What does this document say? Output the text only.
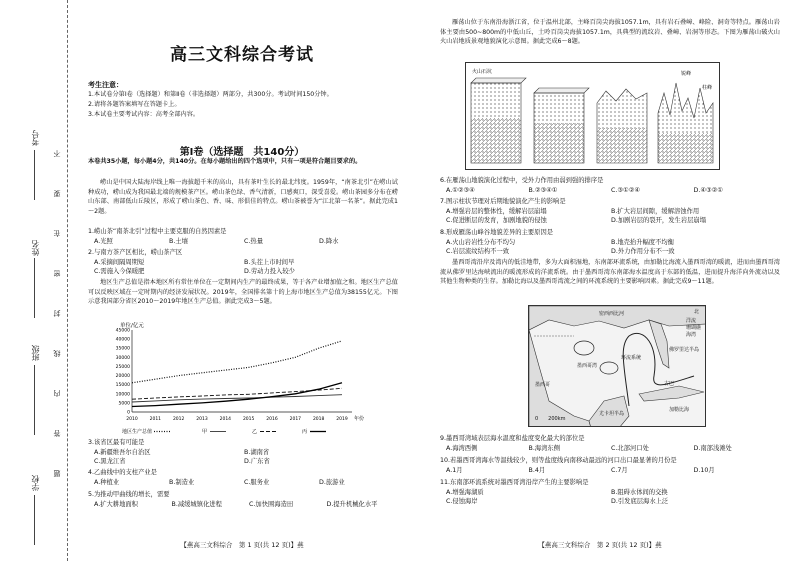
考号
姓名
班级
学校
不
要
在
密
封
线
内
答
题
高三文科综合考试
考生注意：
1.本试卷分第Ⅰ卷（选择题）和第Ⅱ卷（非选择题）两部分，共300分。考试时间150分钟。
2.请将各题答案填写在答题卡上。
3.本试卷主要考试内容：高考全部内容。
第Ⅰ卷（选择题　共140分）
本卷共35小题，每小题4分，共140分。在每小题给出的四个选项中，只有一项是符合题目要求的。
崂山是中国大陆海岸线上唯一海拔超千米的高山，具有茶叶生长的最北纬度。1959年，“南茶北引”在崂山试种成功，崂山成为我国最北端的规模茶产区。崂山茶色绿、香气清新，口感爽口，深受喜爱。崂山茶园多分布在崂山东部、南部低山丘陵区，形成了崂山茶色、香、味、形俱佳的特点。崂山茶被誉为“江北第一名茶”。据此完成1～2题。
1.崂山茶“南茶北引”过程中主要克服的自然因素是
A.光照	B.土壤	C.热量	D.降水
2.与南方茶产区相比，崂山茶产区
A.采摘间隔周期短	B.头茬上市时间早
C.需施入今保暖肥	D.劳动力投入较少
地区生产总值是指本地区所有常住单位在一定期间内生产的最终成果，等于各产业增加值之和。地区生产总值可以反映区域在一定时期内的经济发展状况。2019年，全国排名第十的上海市地区生产总值为38155亿元。下图示意我国部分省区2010～2019年地区生产总值。据此完成3～5题。
单位/亿元
年份
45000
40000
35000
30000
25000
20000
15000
10000
5000
0
2010	2011	2012	2013	2014	2015	2016	2017	2018	2019
地区生产总值	甲	乙	丙
3.该省区最有可能是
A.新疆维吾尔自治区	B.湖南省
C.黑龙江省	D.广东省
4.乙曲线中的支柱产业是
A.种植业	B.制造业	C.服务业	D.旅游业
5.为推动甲曲线的增长，需要
A.扩大耕地面积	B.减缓城镇化进程	C.加快围海造田	D.提升机械化水平
【燕高三文科综合　第 1 页(共 12 页)】燕
雁荡山位于东南沿海浙江省，位于温州北部，主峰百岗尖海拔1057.1m，具有岩石叠嶂、峰险、洞奇等特点。雁荡山岩体主要由500~800m的中低山丘，土呤百岗尖海拔1057.1m，具典型的流纹岩、叠嶂、岩洞等形态。下图为雁荡山破火山火山岩地质景观地貌演化示意图。据此完成6～8题。
火山石坑	锐峰
柱峰
6.在雁荡山地貌演化过程中，受外力作用由弱到强的排序是
A.①②③④	B.②③④①	C.③①②④	D.④③②①
7.图示柱状节理对后期地貌演化产生的影响是
A.增强岩层的整体性，缓解岩层崩塌	B.扩大岩层间隙，缓解溶蚀作用
C.促进断层的发育，加剧地貌的侵蚀	D.加剧岩层的裂开，发生岩层崩塌
8.形成雁荡山峰谷地貌差异的主要原因是
A.火山岩岩性分布不均匀	B.地壳抬升幅度不均衡
C.岩层流纹结构不一致	D.外力作用分布不一致
墨西哥湾沿岸及湾内的低洼地带，多为大面积湿地，东南部环流系统，由加勒比海流入墨西哥湾的暖流，进而由墨西哥湾流从佛罗里达海峡流出的暖流形成的洋流系统。由于墨西哥湾东南部海水温度高于东部的低温，进而提升海洋向外流动以及其他生物种类的生存。加勒比海以及墨西哥湾流之间的环流系统的主要影响因素。据此完成9～11题。
北
0　　200km
密西西比河
佛罗里达半岛
墨西哥	古巴
尤卡坦半岛
加勒比海
墨西哥湾
环流系统
洋流
珊瑚礁
海湾
9.墨西哥湾域表层海水温度和盐度变化最大的部位是
A.海湾西侧	B.海湾东侧	C.北部河口处	D.南部浅滩处
10.若墨西哥湾海水等温线较少，则等盐度线向南移动最远的河口出口最显著的月份是
A.1月	B.4月	C.7月	D.10月
11.东南部环流系统对墨西哥湾沿岸产生的主要影响是
A.增强海湖质	B.阻碍水体间的交换
C.侵蚀海岸	D.引发底层海水上泛
【燕高三文科综合　第 2 页(共 12 页)】燕
